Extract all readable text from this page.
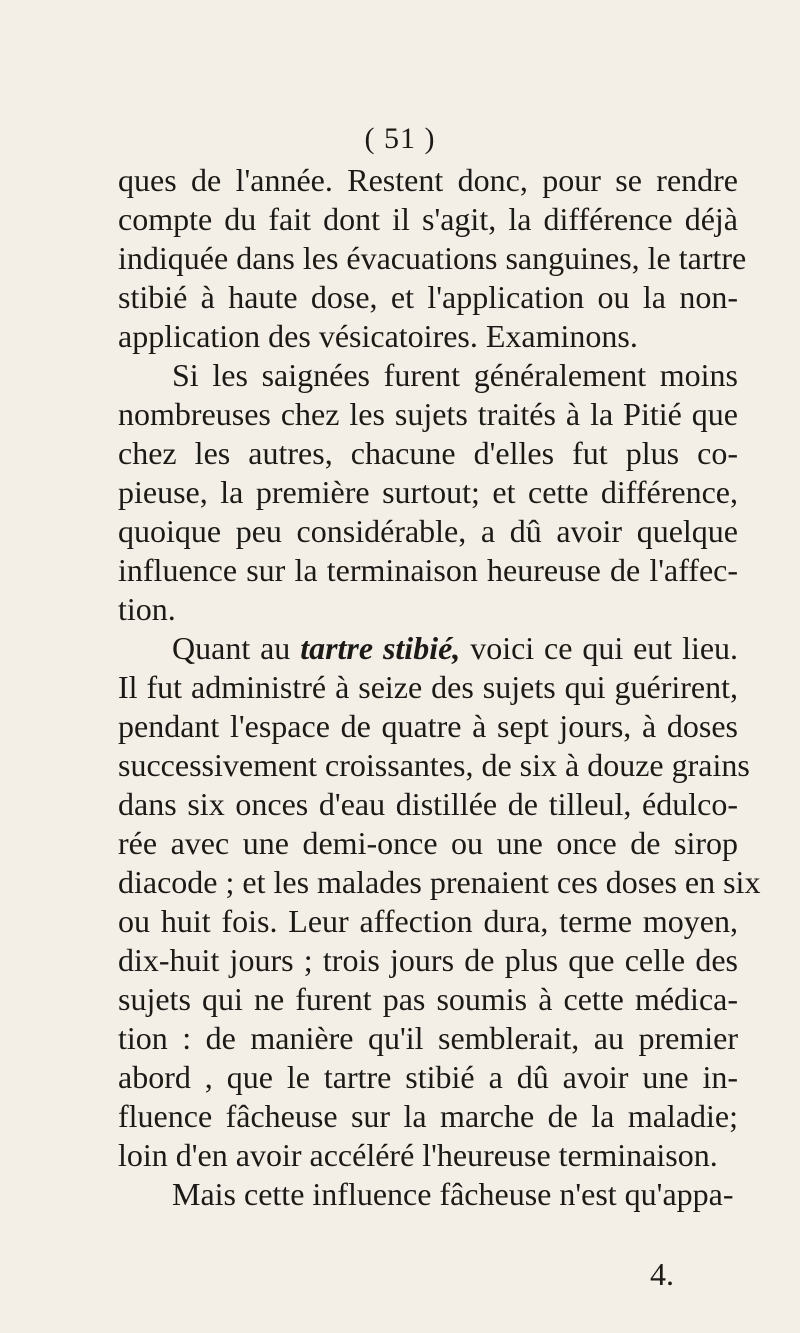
( 51 )
ques de l'année. Restent donc, pour se rendre
compte du fait dont il s'agit, la différence déjà
indiquée dans les évacuations sanguines, le tartre
stibié à haute dose, et l'application ou la non-
application des vésicatoires. Examinons.
Si les saignées furent généralement moins
nombreuses chez les sujets traités à la Pitié que
chez les autres, chacune d'elles fut plus co-
pieuse, la première surtout; et cette différence,
quoique peu considérable, a dû avoir quelque
influence sur la terminaison heureuse de l'affec-
tion.
Quant au tartre stibié, voici ce qui eut lieu.
Il fut administré à seize des sujets qui guérirent,
pendant l'espace de quatre à sept jours, à doses
successivement croissantes, de six à douze grains
dans six onces d'eau distillée de tilleul, édulco-
rée avec une demi-once ou une once de sirop
diacode ; et les malades prenaient ces doses en six
ou huit fois. Leur affection dura, terme moyen,
dix-huit jours ; trois jours de plus que celle des
sujets qui ne furent pas soumis à cette médica-
tion : de manière qu'il semblerait, au premier
abord , que le tartre stibié a dû avoir une in-
fluence fâcheuse sur la marche de la maladie;
loin d'en avoir accéléré l'heureuse terminaison.
Mais cette influence fâcheuse n'est qu'appa-
4.
